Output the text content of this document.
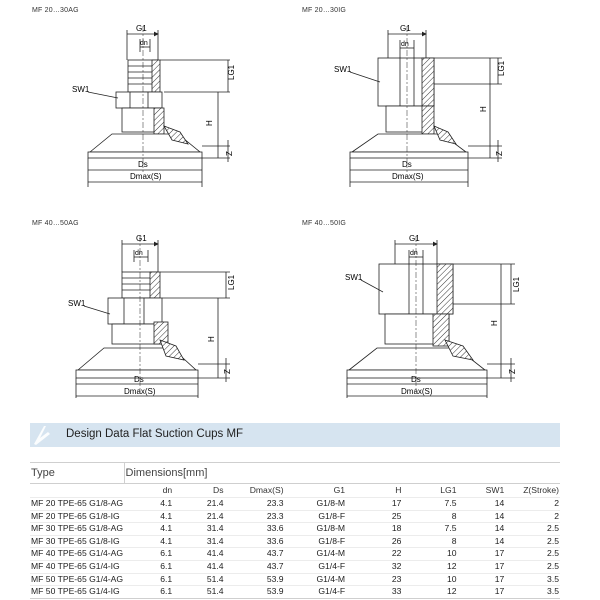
MF 20…30AG	MF 20…30IG
MF 40…50AG	MF 40…50IG
G1
dn
SW1
LG1
H
Z
Ds
Dmax(S)
G1
dn
SW1	LG1
H
Z
Ds
Dmax(S)
G1
dn
SW1
LG1
H
Z
Ds
Dmax(S)
G1
dn
SW1	LG1
H
Z
Ds
Dmax(S)
Design Data Flat Suction Cups MF
Type	Dimensions[mm]							
	dn	Ds	Dmax(S)	G1	H	LG1	SW1	Z(Stroke)
MF 20 TPE-65 G1/8-AG	4.1	21.4	23.3	G1/8-M	17	7.5	14	2
MF 20 TPE-65 G1/8-IG	4.1	21.4	23.3	G1/8-F	25	8	14	2
MF 30 TPE-65 G1/8-AG	4.1	31.4	33.6	G1/8-M	18	7.5	14	2.5
MF 30 TPE-65 G1/8-IG	4.1	31.4	33.6	G1/8-F	26	8	14	2.5
MF 40 TPE-65 G1/4-AG	6.1	41.4	43.7	G1/4-M	22	10	17	2.5
MF 40 TPE-65 G1/4-IG	6.1	41.4	43.7	G1/4-F	32	12	17	2.5
MF 50 TPE-65 G1/4-AG	6.1	51.4	53.9	G1/4-M	23	10	17	3.5
MF 50 TPE-65 G1/4-IG	6.1	51.4	53.9	G1/4-F	33	12	17	3.5
